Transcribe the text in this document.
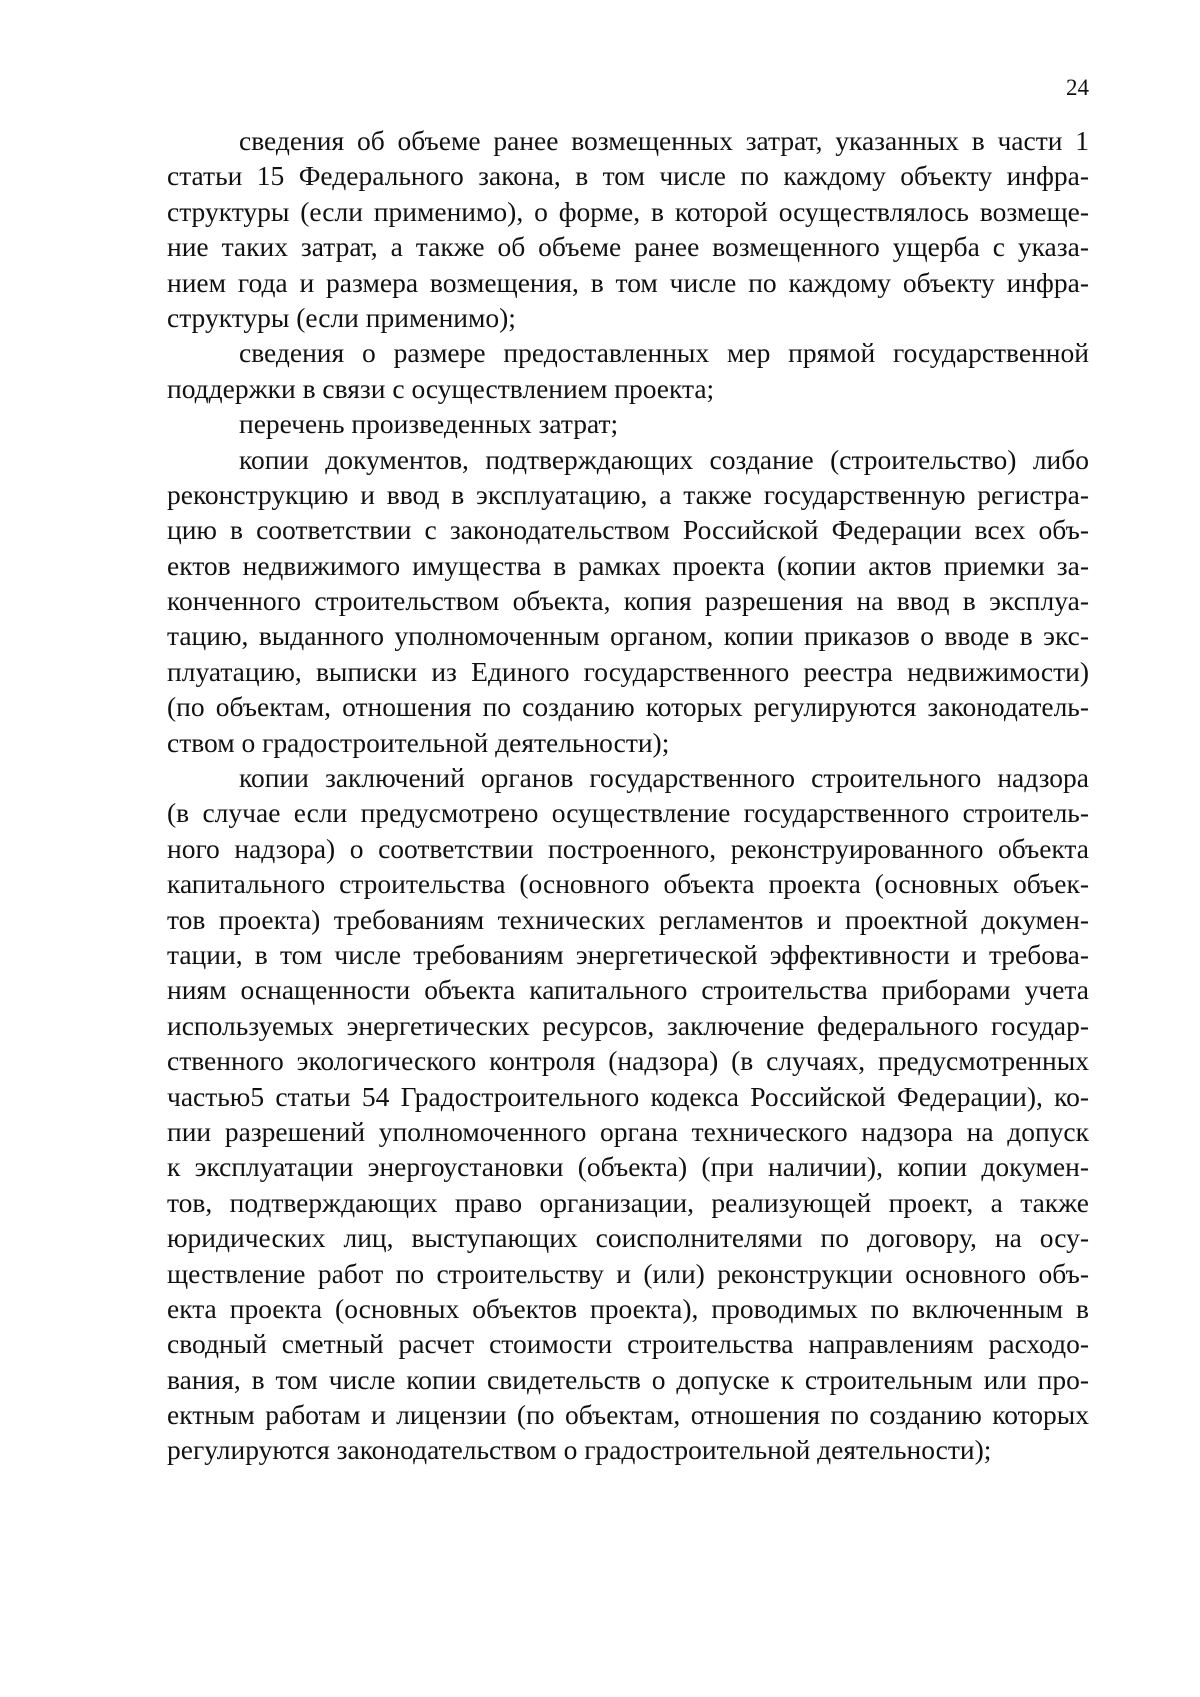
24
сведения об объеме ранее возмещенных затрат, указанных в части 1
статьи 15 Федерального закона, в том числе по каждому объекту инфра-
структуры (если применимо), о форме, в которой осуществлялось возмеще-
ние таких затрат, а также об объеме ранее возмещенного ущерба с указа-
нием года и размера возмещения, в том числе по каждому объекту инфра-
структуры (если применимо);
сведения о размере предоставленных мер прямой государственной
поддержки в связи с осуществлением проекта;
перечень произведенных затрат;
копии документов, подтверждающих создание (строительство) либо
реконструкцию и ввод в эксплуатацию, а также государственную регистра-
цию в соответствии с законодательством Российской Федерации всех объ-
ектов недвижимого имущества в рамках проекта (копии актов приемки за-
конченного строительством объекта, копия разрешения на ввод в эксплуа-
тацию, выданного уполномоченным органом, копии приказов о вводе в экс-
плуатацию, выписки из Единого государственного реестра недвижимости)
(по объектам, отношения по созданию которых регулируются законодатель-
ством о градостроительной деятельности);
копии заключений органов государственного строительного надзора
(в случае если предусмотрено осуществление государственного строитель-
ного надзора) о соответствии построенного, реконструированного объекта
капитального строительства (основного объекта проекта (основных объек-
тов проекта) требованиям технических регламентов и проектной докумен-
тации, в том числе требованиям энергетической эффективности и требова-
ниям оснащенности объекта капитального строительства приборами учета
используемых энергетических ресурсов, заключение федерального государ-
ственного экологического контроля (надзора) (в случаях, предусмотренных
частью5 статьи 54 Градостроительного кодекса Российской Федерации), ко-
пии разрешений уполномоченного органа технического надзора на допуск
к эксплуатации энергоустановки (объекта) (при наличии), копии докумен-
тов, подтверждающих право организации, реализующей проект, а также
юридических лиц, выступающих соисполнителями по договору, на осу-
ществление работ по строительству и (или) реконструкции основного объ-
екта проекта (основных объектов проекта), проводимых по включенным в
сводный сметный расчет стоимости строительства направлениям расходо-
вания, в том числе копии свидетельств о допуске к строительным или про-
ектным работам и лицензии (по объектам, отношения по созданию которых
регулируются законодательством о градостроительной деятельности);
